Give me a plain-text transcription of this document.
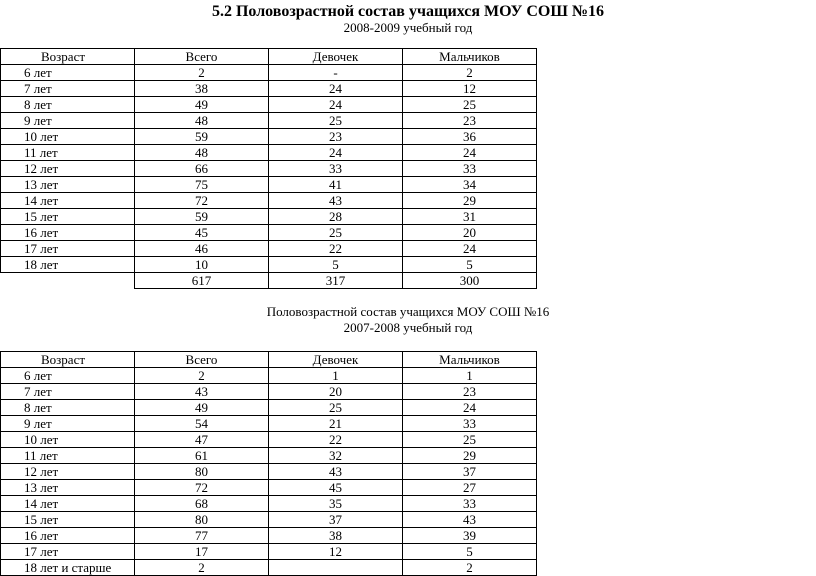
5.2 Половозрастной состав учащихся МОУ СОШ №16
2008-2009 учебный год
Возраст	Всего	Девочек	Мальчиков
6 лет	2	-	2
7 лет	38	24	12
8 лет	49	24	25
9 лет	48	25	23
10 лет	59	23	36
11 лет	48	24	24
12 лет	66	33	33
13 лет	75	41	34
14 лет	72	43	29
15 лет	59	28	31
16 лет	45	25	20
17 лет	46	22	24
18 лет	10	5	5
	617	317	300
Половозрастной состав учащихся МОУ СОШ №16
2007-2008 учебный год
Возраст	Всего	Девочек	Мальчиков
6 лет	2	1	1
7 лет	43	20	23
8 лет	49	25	24
9 лет	54	21	33
10 лет	47	22	25
11 лет	61	32	29
12 лет	80	43	37
13 лет	72	45	27
14 лет	68	35	33
15 лет	80	37	43
16 лет	77	38	39
17 лет	17	12	5
18 лет и старше	2		2
